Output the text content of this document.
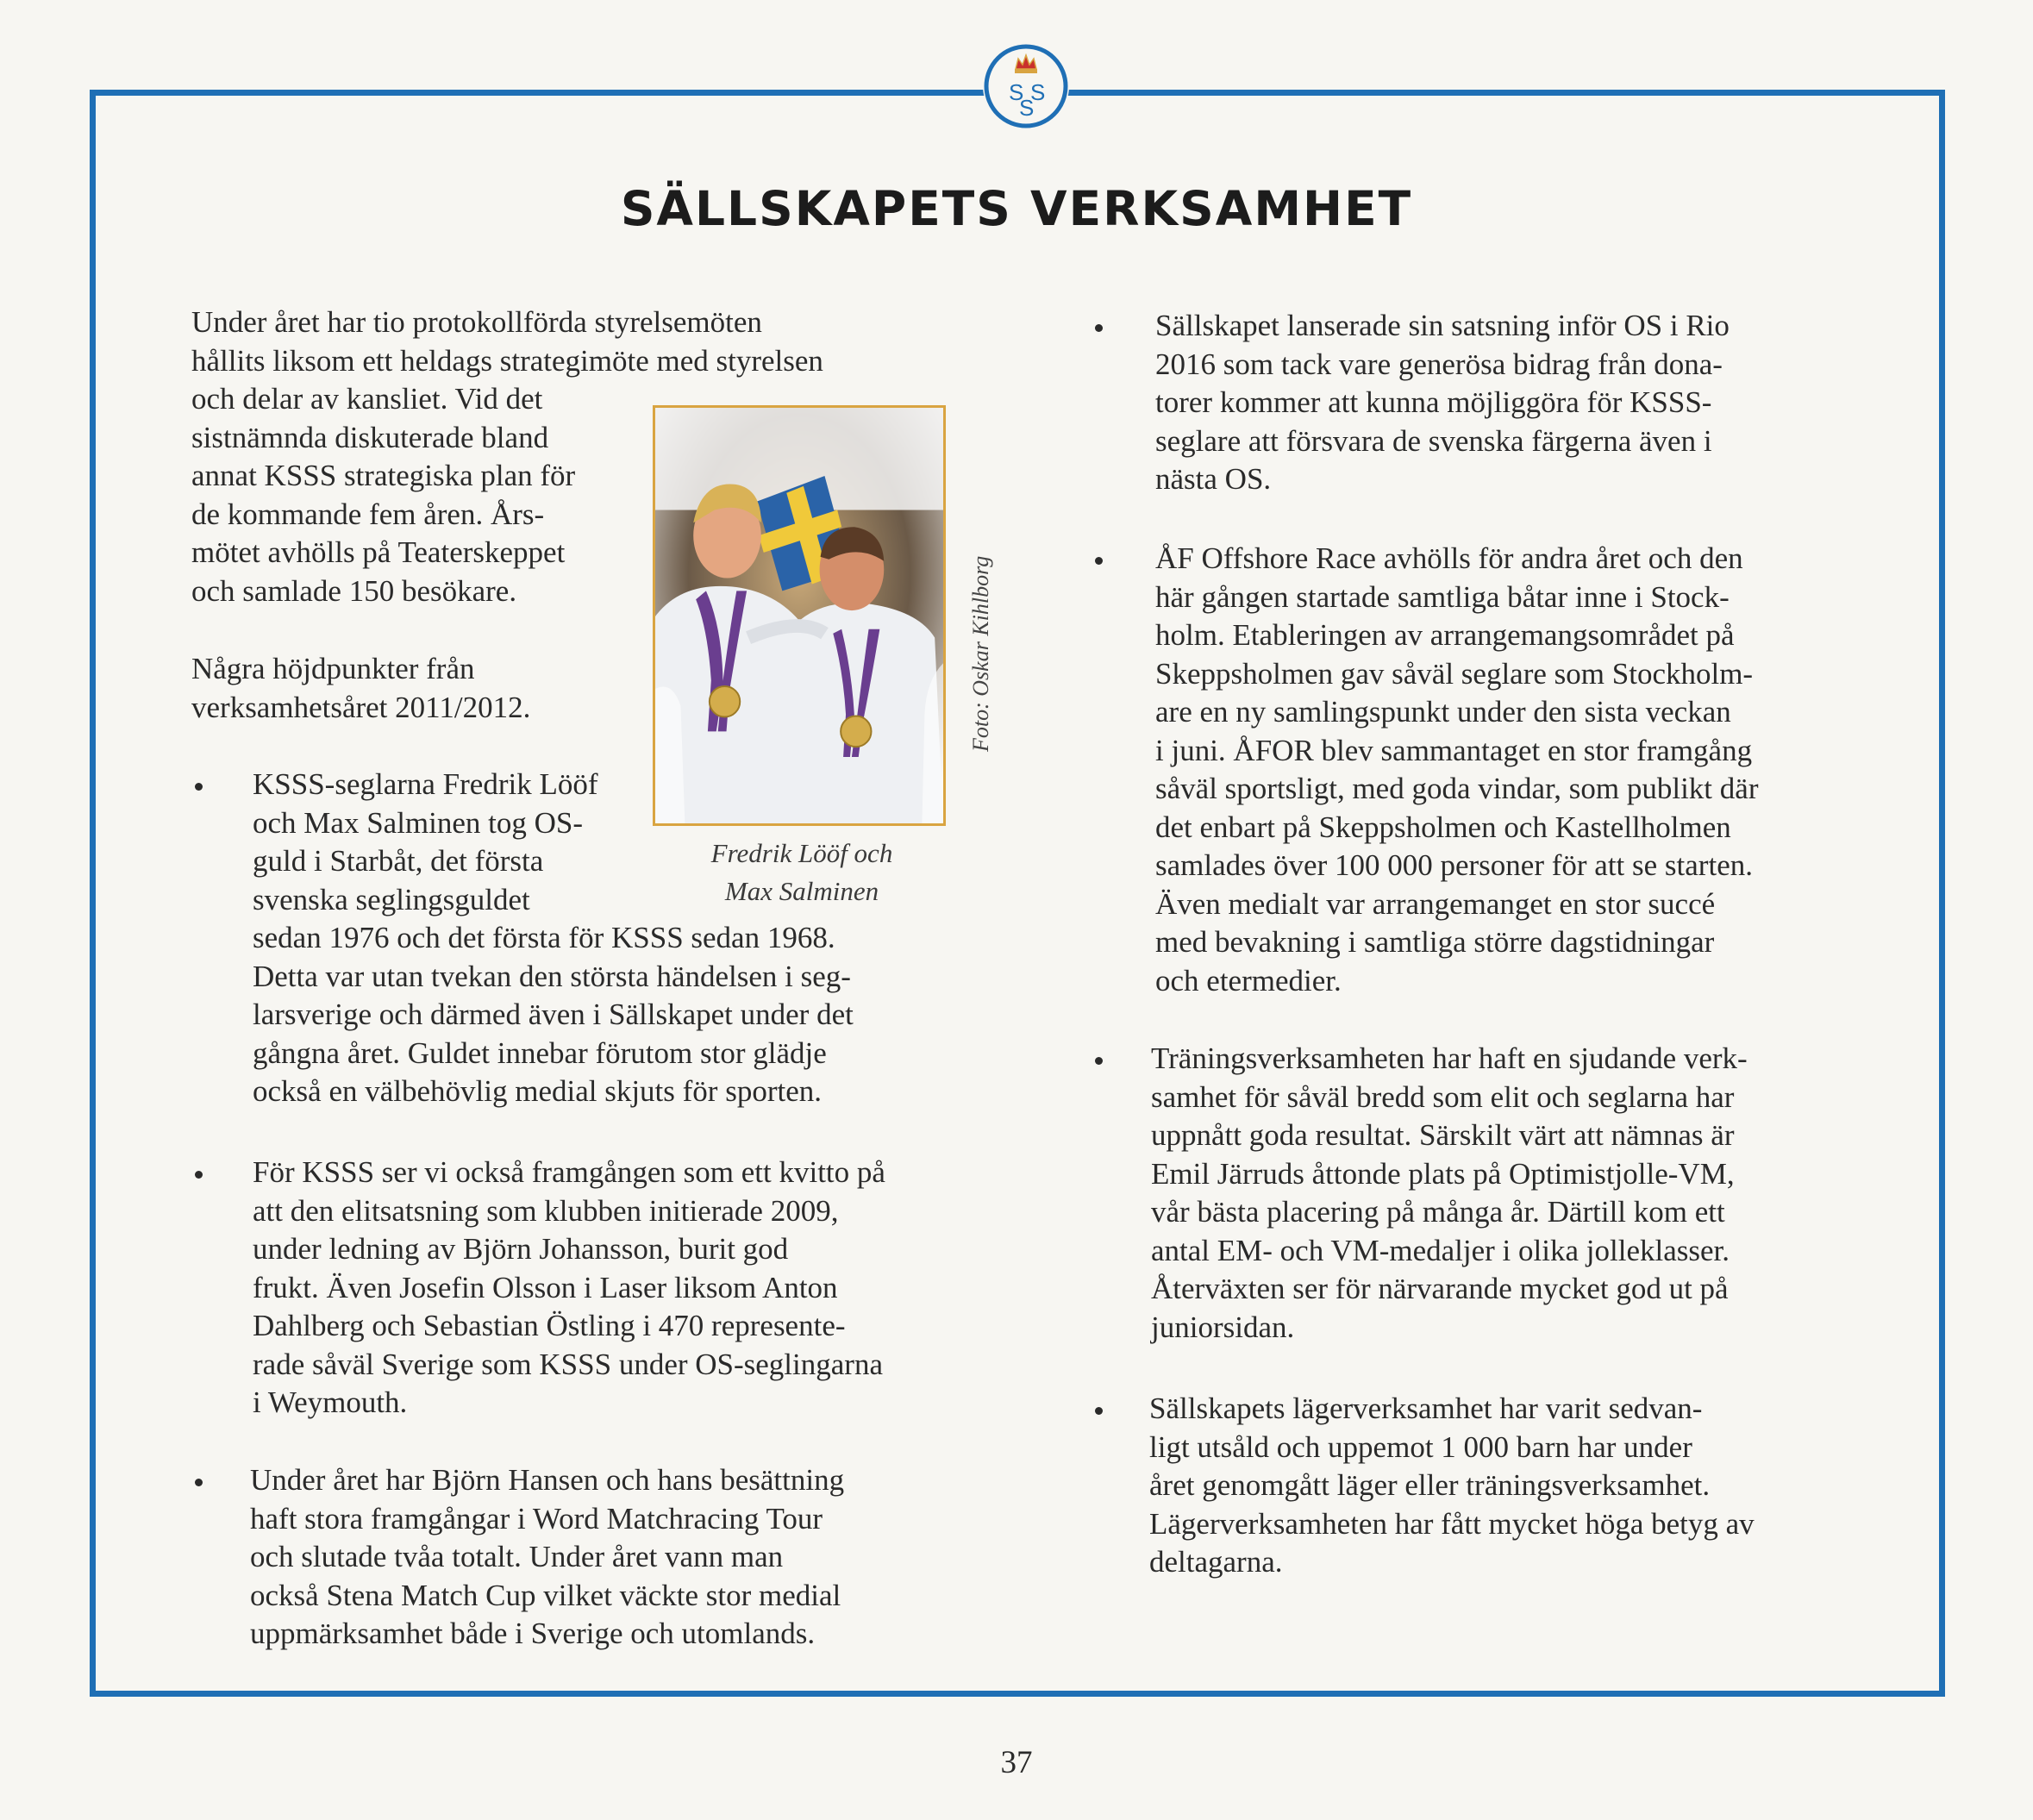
S S
S
SÄLLSKAPETS VERKSAMHET
Under året har tio protokollförda styrelsemöten
hållits liksom ett heldags strategimöte med styrelsen
och delar av kansliet. Vid det
sistnämnda diskuterade bland
annat KSSS strategiska plan för
de kommande fem åren. Års-
mötet avhölls på Teaterskeppet
och samlade 150 besökare.
Några höjdpunkter från
verksamhetsåret 2011/2012.
KSSS-seglarna Fredrik Lööf
och Max Salminen tog OS-
guld i Starbåt, det första
svenska seglingsguldet
sedan 1976 och det första för KSSS sedan 1968.
Detta var utan tvekan den största händelsen i seg-
larsverige och därmed även i Sällskapet under det
gångna året. Guldet innebar förutom stor glädje
också en välbehövlig medial skjuts för sporten.
För KSSS ser vi också framgången som ett kvitto på
att den elitsatsning som klubben initierade 2009,
under ledning av Björn Johansson, burit god
frukt. Även Josefin Olsson i Laser liksom Anton
Dahlberg och Sebastian Östling i 470 represente-
rade såväl Sverige som KSSS under OS-seglingarna
i Weymouth.
Under året har Björn Hansen och hans besättning
haft stora framgångar i Word Matchracing Tour
och slutade tvåa totalt. Under året vann man
också Stena Match Cup vilket väckte stor medial
uppmärksamhet både i Sverige och utomlands.
Foto: Oskar Kihlborg
Fredrik Lööf och
Max Salminen
Sällskapet lanserade sin satsning inför OS i Rio
2016 som tack vare generösa bidrag från dona-
torer kommer att kunna möjliggöra för KSSS-
seglare att försvara de svenska färgerna även i
nästa OS.
ÅF Offshore Race avhölls för andra året och den
här gången startade samtliga båtar inne i Stock-
holm. Etableringen av arrangemangsområdet på
Skeppsholmen gav såväl seglare som Stockholm-
are en ny samlingspunkt under den sista veckan
i juni. ÅFOR blev sammantaget en stor framgång
såväl sportsligt, med goda vindar, som publikt där
det enbart på Skeppsholmen och Kastellholmen
samlades över 100 000 personer för att se starten.
Även medialt var arrangemanget en stor succé
med bevakning i samtliga större dagstidningar
och etermedier.
Träningsverksamheten har haft en sjudande verk-
samhet för såväl bredd som elit och seglarna har
uppnått goda resultat. Särskilt värt att nämnas är
Emil Järruds åttonde plats på Optimistjolle-VM,
vår bästa placering på många år. Därtill kom ett
antal EM- och VM-medaljer i olika jolleklasser.
Återväxten ser för närvarande mycket god ut på
juniorsidan.
Sällskapets lägerverksamhet har varit sedvan-
ligt utsåld och uppemot 1 000 barn har under
året genomgått läger eller träningsverksamhet.
Lägerverksamheten har fått mycket höga betyg av
deltagarna.
37
